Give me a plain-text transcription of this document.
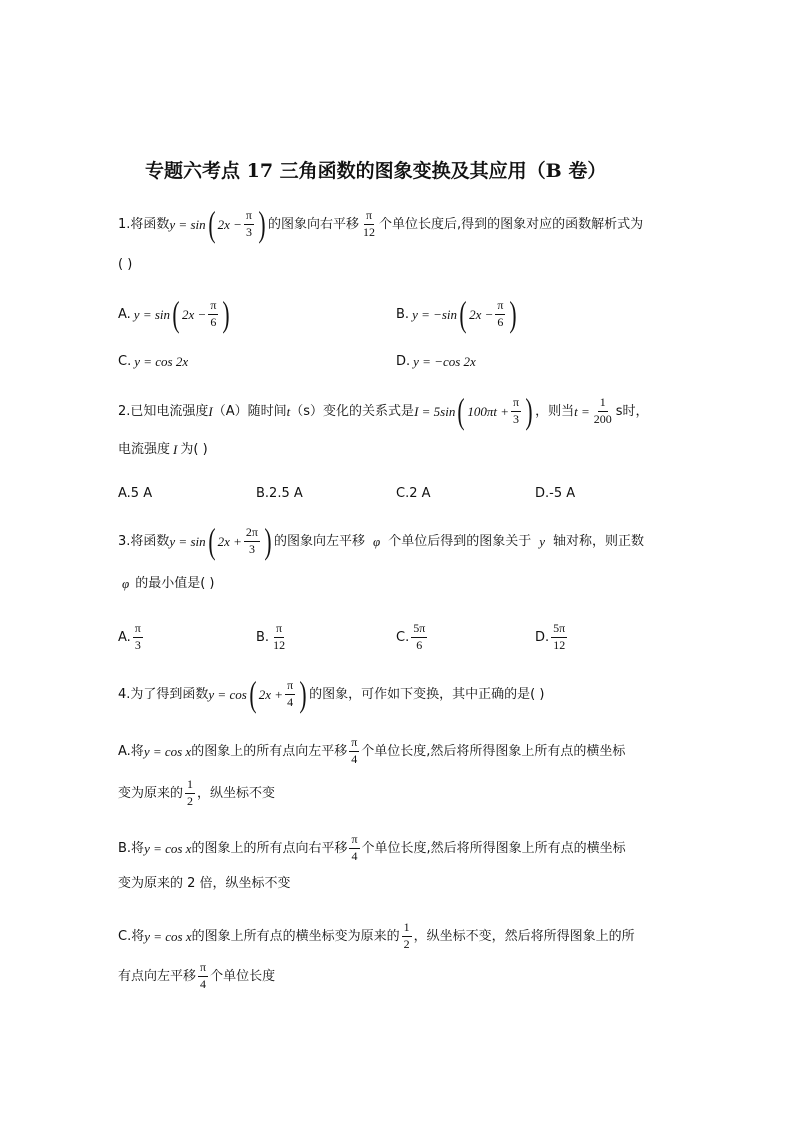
专题六考点 17 三角函数的图象变换及其应用（B 卷）
1.将函数 y = sin ( $2x - \frac{\pi}{3}$ ) 的图象向右平移 $\frac{\pi}{12}$ 个单位长度后,得到的图象对应的函数解析式为
( )
A. y = sin ( $2x - \frac{\pi}{6}$ )	B. y = −sin ( $2x - \frac{\pi}{6}$ )
C. y = cos 2x	D. y = −cos 2x
2.已知电流强度 I （A）随时间 t （s）变化的关系式是 I = 5sin ( $100\pi t + \frac{\pi}{3}$ ) ，则当 $t = \frac{1}{200}$ s时，
电流强度 I 为( )
A.5 A	B.2.5 A	C.2 A	D.-5 A
3.将函数 y = sin ( $2x + \frac{2\pi}{3}$ ) 的图象向左平移 φ 个单位后得到的图象关于 y 轴对称，则正数
φ 的最小值是( )
A. $\frac{\pi}{3}$	B. $\frac{\pi}{12}$	C. $\frac{5\pi}{6}$	D. $\frac{5\pi}{12}$
4.为了得到函数 y = cos ( $2x + \frac{\pi}{4}$ ) 的图象，可作如下变换，其中正确的是( )
A.将 y = cos x 的图象上的所有点向左平移 $\frac{\pi}{4}$ 个单位长度,然后将所得图象上所有点的横坐标
变为原来的 $\frac{1}{2}$ ，纵坐标不变
B.将 y = cos x 的图象上的所有点向右平移 $\frac{\pi}{4}$ 个单位长度,然后将所得图象上所有点的横坐标
变为原来的 2 倍，纵坐标不变
C.将 y = cos x 的图象上所有点的横坐标变为原来的 $\frac{1}{2}$ ，纵坐标不变，然后将所得图象上的所
有点向左平移 $\frac{\pi}{4}$ 个单位长度
